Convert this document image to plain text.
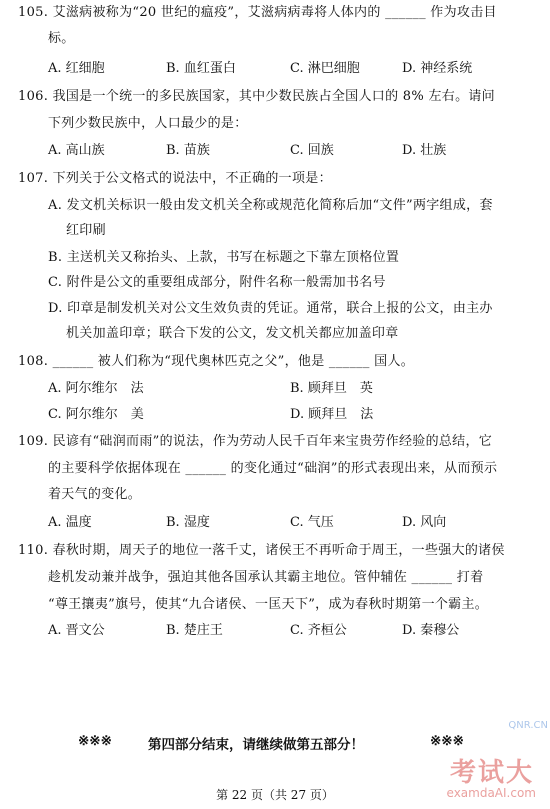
105. 艾滋病被称为“20 世纪的瘟疫”，艾滋病病毒将人体内的 ______ 作为攻击目
标。
A. 红细胞	B. 血红蛋白	C. 淋巴细胞	D. 神经系统
106. 我国是一个统一的多民族国家，其中少数民族占全国人口的 8% 左右。请问
下列少数民族中，人口最少的是：
A. 高山族	B. 苗族	C. 回族	D. 壮族
107. 下列关于公文格式的说法中，不正确的一项是：
A. 发文机关标识一般由发文机关全称或规范化简称后加“文件”两字组成，套
红印刷
B. 主送机关又称抬头、上款，书写在标题之下靠左顶格位置
C. 附件是公文的重要组成部分，附件名称一般需加书名号
D. 印章是制发机关对公文生效负责的凭证。通常，联合上报的公文，由主办
机关加盖印章；联合下发的公文，发文机关都应加盖印章
108. ______ 被人们称为“现代奥林匹克之父”，他是 ______ 国人。
A. 阿尔维尔　法	B. 顾拜旦　英
C. 阿尔维尔　美	D. 顾拜旦　法
109. 民谚有“础润而雨”的说法，作为劳动人民千百年来宝贵劳作经验的总结，它
的主要科学依据体现在 ______ 的变化通过“础润”的形式表现出来，从而预示
着天气的变化。
A. 温度	B. 湿度	C. 气压	D. 风向
110. 春秋时期，周天子的地位一落千丈，诸侯王不再听命于周王，一些强大的诸侯
趁机发动兼并战争，强迫其他各国承认其霸主地位。管仲辅佐 ______ 打着
“尊王攘夷”旗号，使其“九合诸侯、一匡天下”，成为春秋时期第一个霸主。
A. 晋文公	B. 楚庄王	C. 齐桓公	D. 秦穆公
※※※	第四部分结束，请继续做第五部分！	※※※
第 22 页（共 27 页）
QNR.CN
考试大
examdaAI.com
